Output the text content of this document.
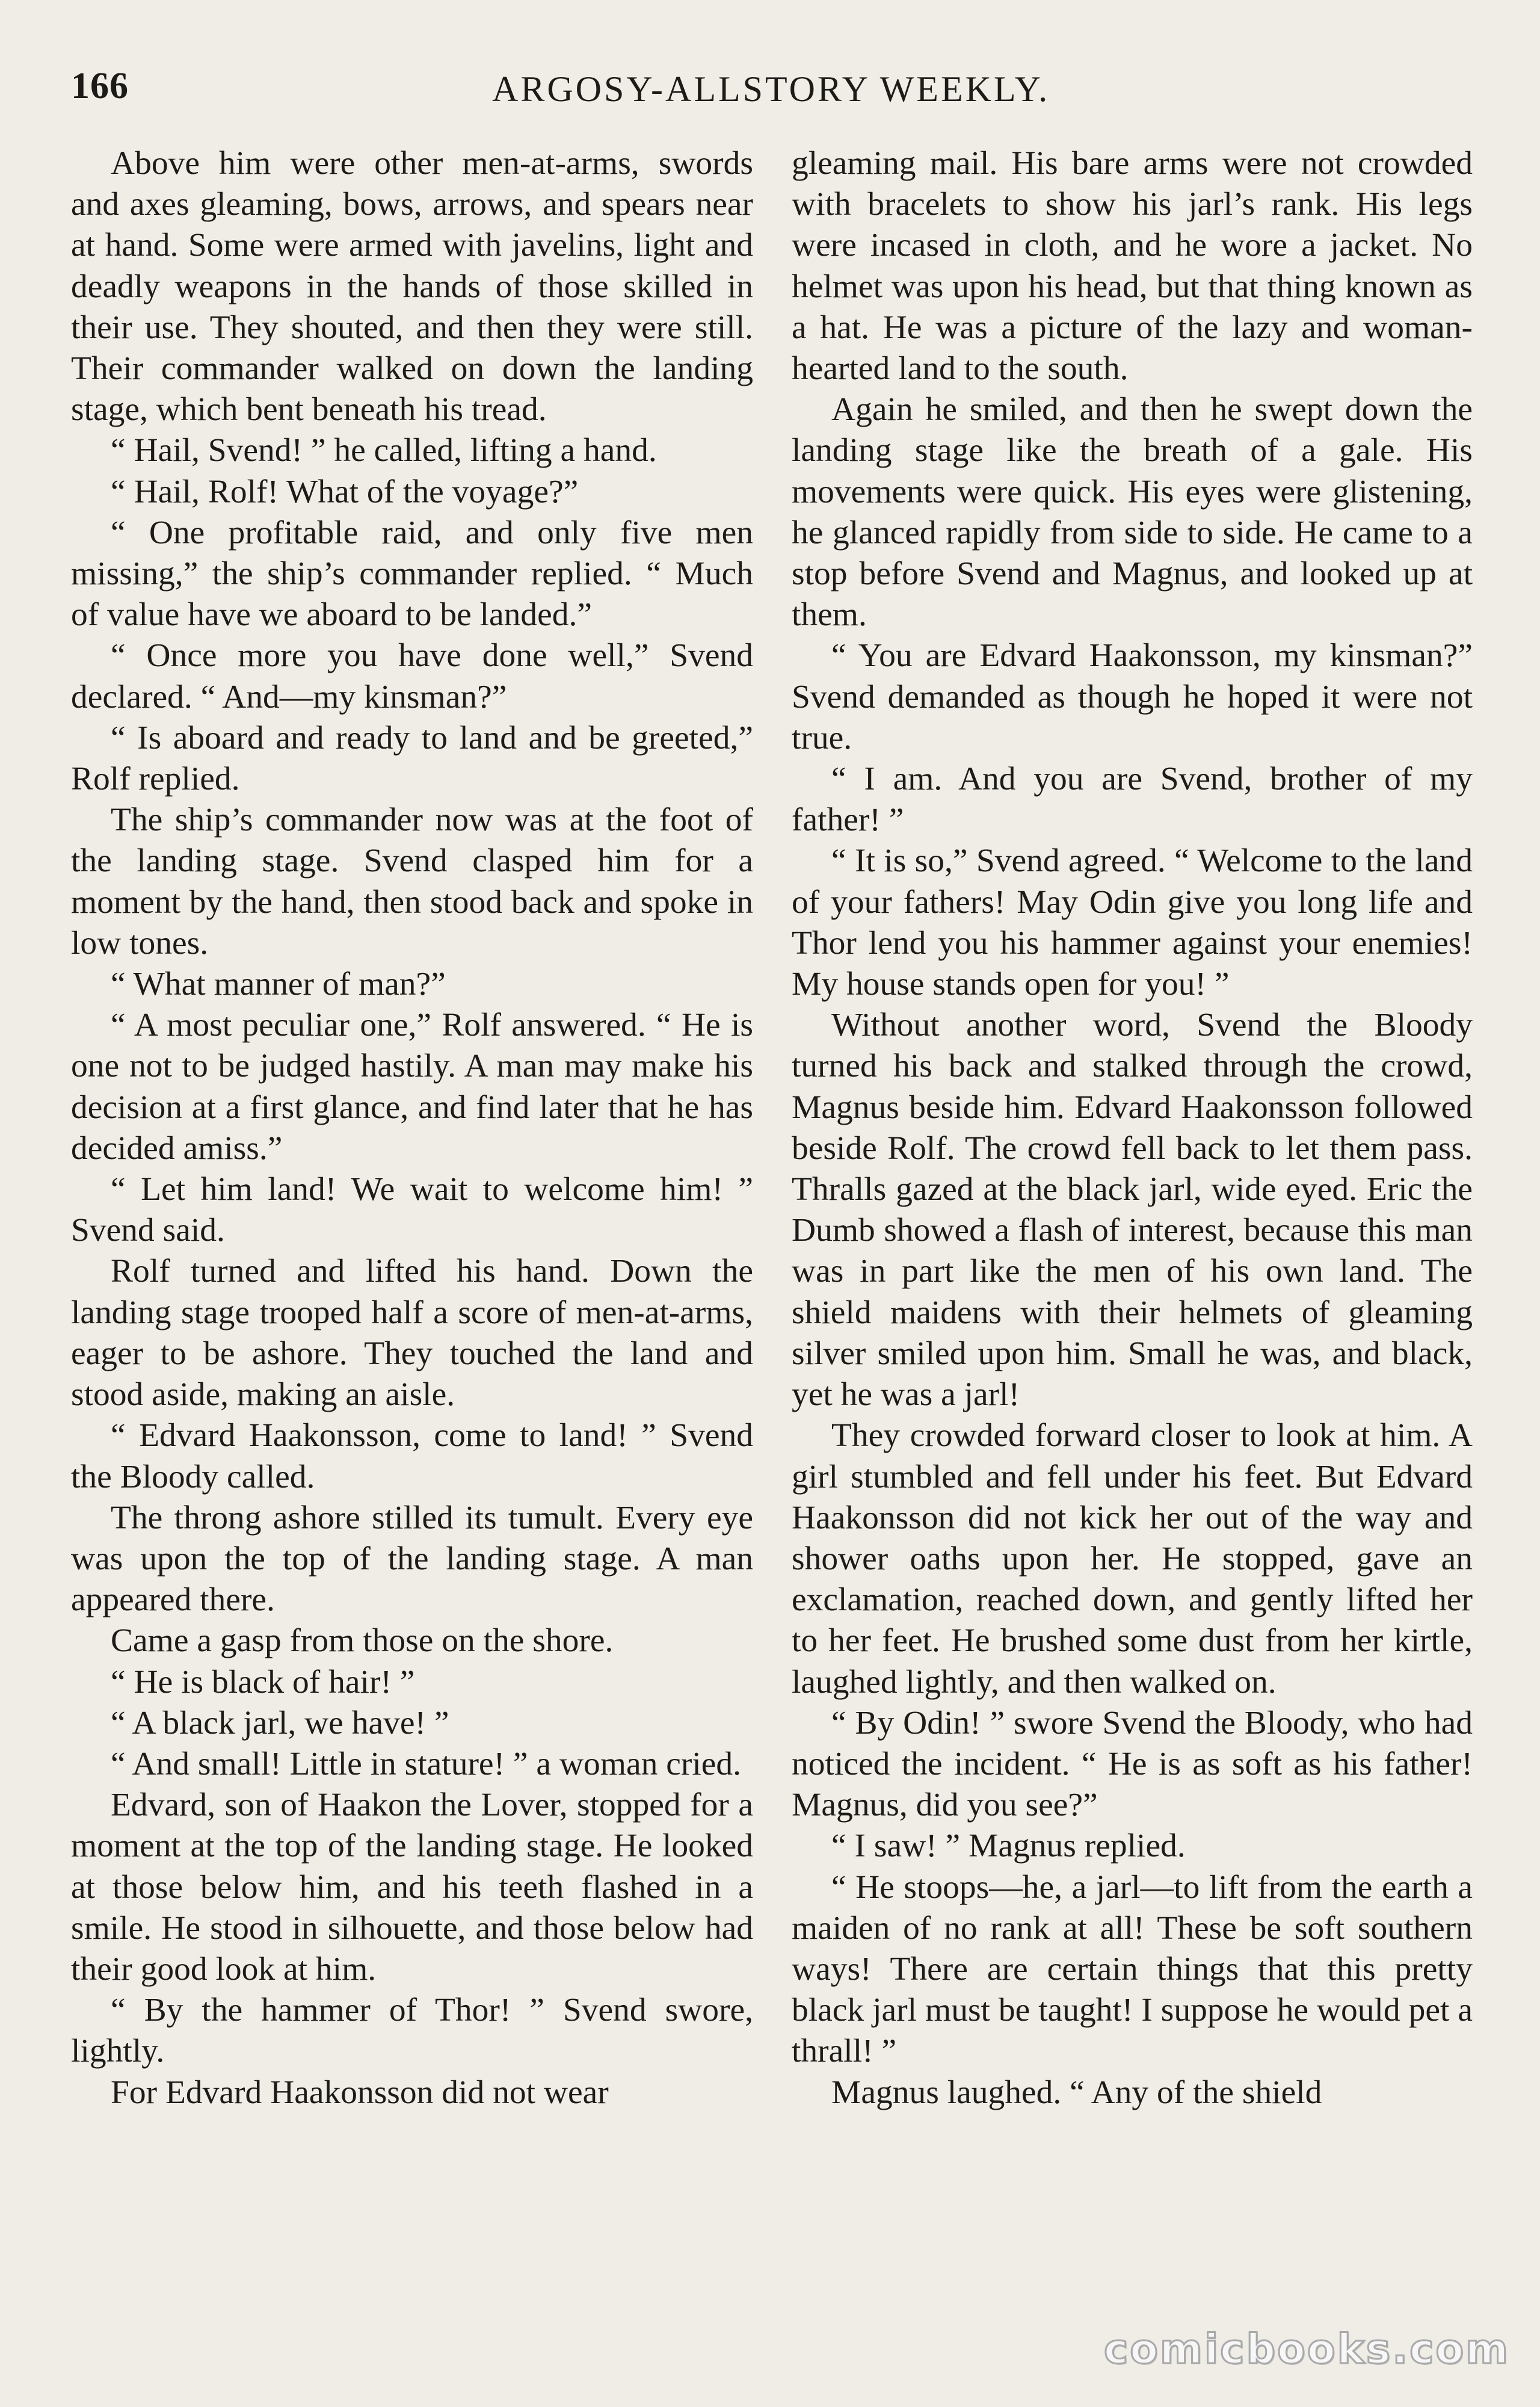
166	ARGOSY-ALLSTORY WEEKLY.

Above him were other men-at-arms, swords and axes gleaming, bows, arrows, and spears near at hand. Some were armed with javelins, light and deadly weapons in the hands of those skilled in their use. They shouted, and then they were still. Their commander walked on down the landing stage, which bent beneath his tread.

“ Hail, Svend! ” he called, lifting a hand.

“ Hail, Rolf! What of the voyage?”

“ One profitable raid, and only five men missing,” the ship’s commander replied. “ Much of value have we aboard to be landed.”

“ Once more you have done well,” Svend declared. “ And—my kinsman?”

“ Is aboard and ready to land and be greeted,” Rolf replied.

The ship’s commander now was at the foot of the landing stage. Svend clasped him for a moment by the hand, then stood back and spoke in low tones.

“ What manner of man?”

“ A most peculiar one,” Rolf answered. “ He is one not to be judged hastily. A man may make his decision at a first glance, and find later that he has decided amiss.”

“ Let him land! We wait to welcome him! ” Svend said.

Rolf turned and lifted his hand. Down the landing stage trooped half a score of men-at-arms, eager to be ashore. They touched the land and stood aside, making an aisle.

“ Edvard Haakonsson, come to land! ” Svend the Bloody called.

The throng ashore stilled its tumult. Every eye was upon the top of the landing stage. A man appeared there.

Came a gasp from those on the shore.

“ He is black of hair! ”

“ A black jarl, we have! ”

“ And small! Little in stature! ” a woman cried.

Edvard, son of Haakon the Lover, stopped for a moment at the top of the landing stage. He looked at those below him, and his teeth flashed in a smile. He stood in silhouette, and those below had their good look at him.

“ By the hammer of Thor! ” Svend swore, lightly.

For Edvard Haakonsson did not wear

gleaming mail. His bare arms were not crowded with bracelets to show his jarl’s rank. His legs were incased in cloth, and he wore a jacket. No helmet was upon his head, but that thing known as a hat. He was a picture of the lazy and woman-hearted land to the south.

Again he smiled, and then he swept down the landing stage like the breath of a gale. His movements were quick. His eyes were glistening, he glanced rapidly from side to side. He came to a stop before Svend and Magnus, and looked up at them.

“ You are Edvard Haakonsson, my kinsman?” Svend demanded as though he hoped it were not true.

“ I am. And you are Svend, brother of my father! ”

“ It is so,” Svend agreed. “ Welcome to the land of your fathers! May Odin give you long life and Thor lend you his hammer against your enemies! My house stands open for you! ”

Without another word, Svend the Bloody turned his back and stalked through the crowd, Magnus beside him. Edvard Haakonsson followed beside Rolf. The crowd fell back to let them pass. Thralls gazed at the black jarl, wide eyed. Eric the Dumb showed a flash of interest, because this man was in part like the men of his own land. The shield maidens with their helmets of gleaming silver smiled upon him. Small he was, and black, yet he was a jarl!

They crowded forward closer to look at him. A girl stumbled and fell under his feet. But Edvard Haakonsson did not kick her out of the way and shower oaths upon her. He stopped, gave an exclamation, reached down, and gently lifted her to her feet. He brushed some dust from her kirtle, laughed lightly, and then walked on.

“ By Odin! ” swore Svend the Bloody, who had noticed the incident. “ He is as soft as his father! Magnus, did you see?”

“ I saw! ” Magnus replied.

“ He stoops—he, a jarl—to lift from the earth a maiden of no rank at all! These be soft southern ways! There are certain things that this pretty black jarl must be taught! I suppose he would pet a thrall! ”

Magnus laughed. “ Any of the shield

comicbooks.com
